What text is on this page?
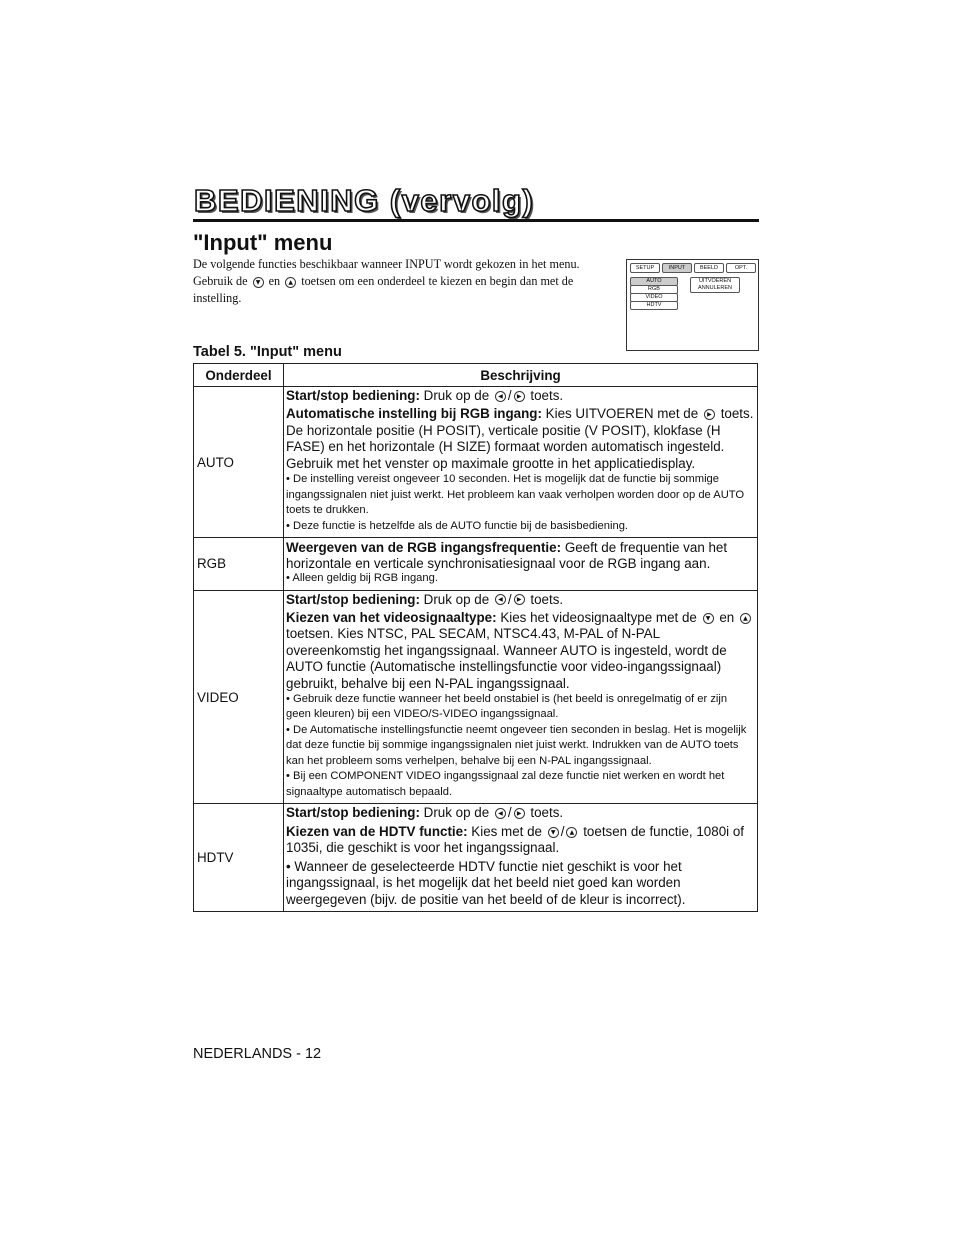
BEDIENING (vervolg)
"Input" menu
De volgende functies beschikbaar wanneer INPUT wordt gekozen in het menu. Gebruik de ▼ en ▲ toetsen om een onderdeel te kiezen en begin dan met de instelling.
SETUP	INPUT	BEELD	OPT.
AUTO
RGB
VIDEO
HDTV
UITVOEREN
ANNULEREN
Tabel 5. "Input" menu
Onderdeel	Beschrijving
AUTO	Start/stop bediening: Druk op de ◀ / ▶ toets.

Automatische instelling bij RGB ingang: Kies UITVOEREN met de ▶ toets. De horizontale positie (H POSIT), verticale positie (V POSIT), klokfase (H FASE) en het horizontale (H SIZE) formaat worden automatisch ingesteld. Gebruik met het venster op maximale grootte in het applicatiedisplay.

• De instelling vereist ongeveer 10 seconden. Het is mogelijk dat de functie bij sommige ingangssignalen niet juist werkt. Het probleem kan vaak verholpen worden door op de AUTO toets te drukken.

• Deze functie is hetzelfde als de AUTO functie bij de basisbediening.

RGB	Weergeven van de RGB ingangsfrequentie: Geeft de frequentie van het horizontale en verticale synchronisatiesignaal voor de RGB ingang aan.

• Alleen geldig bij RGB ingang.

VIDEO	Start/stop bediening: Druk op de ◀ / ▶ toets.

Kiezen van het videosignaaltype: Kies het videosignaaltype met de ▼ en ▲ toetsen. Kies NTSC, PAL SECAM, NTSC4.43, M-PAL of N-PAL overeenkomstig het ingangssignaal. Wanneer AUTO is ingesteld, wordt de AUTO functie (Automatische instellingsfunctie voor video-ingangssignaal) gebruikt, behalve bij een N-PAL ingangssignaal.

• Gebruik deze functie wanneer het beeld onstabiel is (het beeld is onregelmatig of er zijn geen kleuren) bij een VIDEO/S-VIDEO ingangssignaal.

• De Automatische instellingsfunctie neemt ongeveer tien seconden in beslag. Het is mogelijk dat deze functie bij sommige ingangssignalen niet juist werkt. Indrukken van de AUTO toets kan het probleem soms verhelpen, behalve bij een N-PAL ingangssignaal.

• Bij een COMPONENT VIDEO ingangssignaal zal deze functie niet werken en wordt het signaaltype automatisch bepaald.

HDTV	Start/stop bediening: Druk op de ◀ / ▶ toets.

Kiezen van de HDTV functie: Kies met de ▼ / ▲ toetsen de functie, 1080i of 1035i, die geschikt is voor het ingangssignaal.

• Wanneer de geselecteerde HDTV functie niet geschikt is voor het ingangssignaal, is het mogelijk dat het beeld niet goed kan worden weergegeven (bijv. de positie van het beeld of de kleur is incorrect).

NEDERLANDS - 12
